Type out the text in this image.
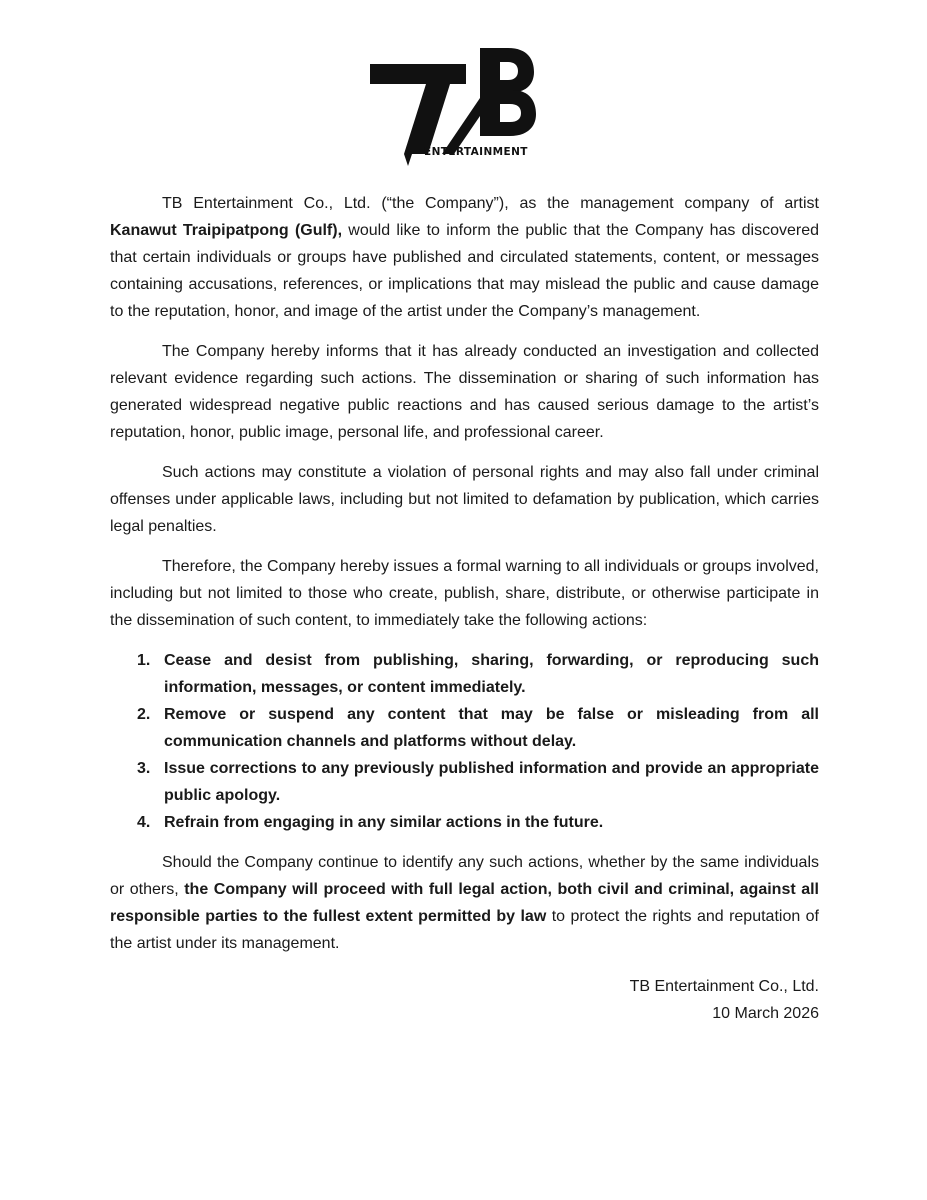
ENTERTAINMENT

TB Entertainment Co., Ltd. (“the Company”), as the management company of artist Kanawut Traipipatpong (Gulf), would like to inform the public that the Company has discovered that certain individuals or groups have published and circulated statements, content, or messages containing accusations, references, or implications that may mislead the public and cause damage to the reputation, honor, and image of the artist under the Company’s management.

The Company hereby informs that it has already conducted an investigation and collected relevant evidence regarding such actions. The dissemination or sharing of such information has generated widespread negative public reactions and has caused serious damage to the artist’s reputation, honor, public image, personal life, and professional career.

Such actions may constitute a violation of personal rights and may also fall under criminal offenses under applicable laws, including but not limited to defamation by publication, which carries legal penalties.

Therefore, the Company hereby issues a formal warning to all individuals or groups involved, including but not limited to those who create, publish, share, distribute, or otherwise participate in the dissemination of such content, to immediately take the following actions:

1. Cease and desist from publishing, sharing, forwarding, or reproducing such information, messages, or content immediately.
2. Remove or suspend any content that may be false or misleading from all communication channels and platforms without delay.
3. Issue corrections to any previously published information and provide an appropriate public apology.
4. Refrain from engaging in any similar actions in the future.

Should the Company continue to identify any such actions, whether by the same individuals or others, the Company will proceed with full legal action, both civil and criminal, against all responsible parties to the fullest extent permitted by law to protect the rights and reputation of the artist under its management.

TB Entertainment Co., Ltd.
10 March 2026
